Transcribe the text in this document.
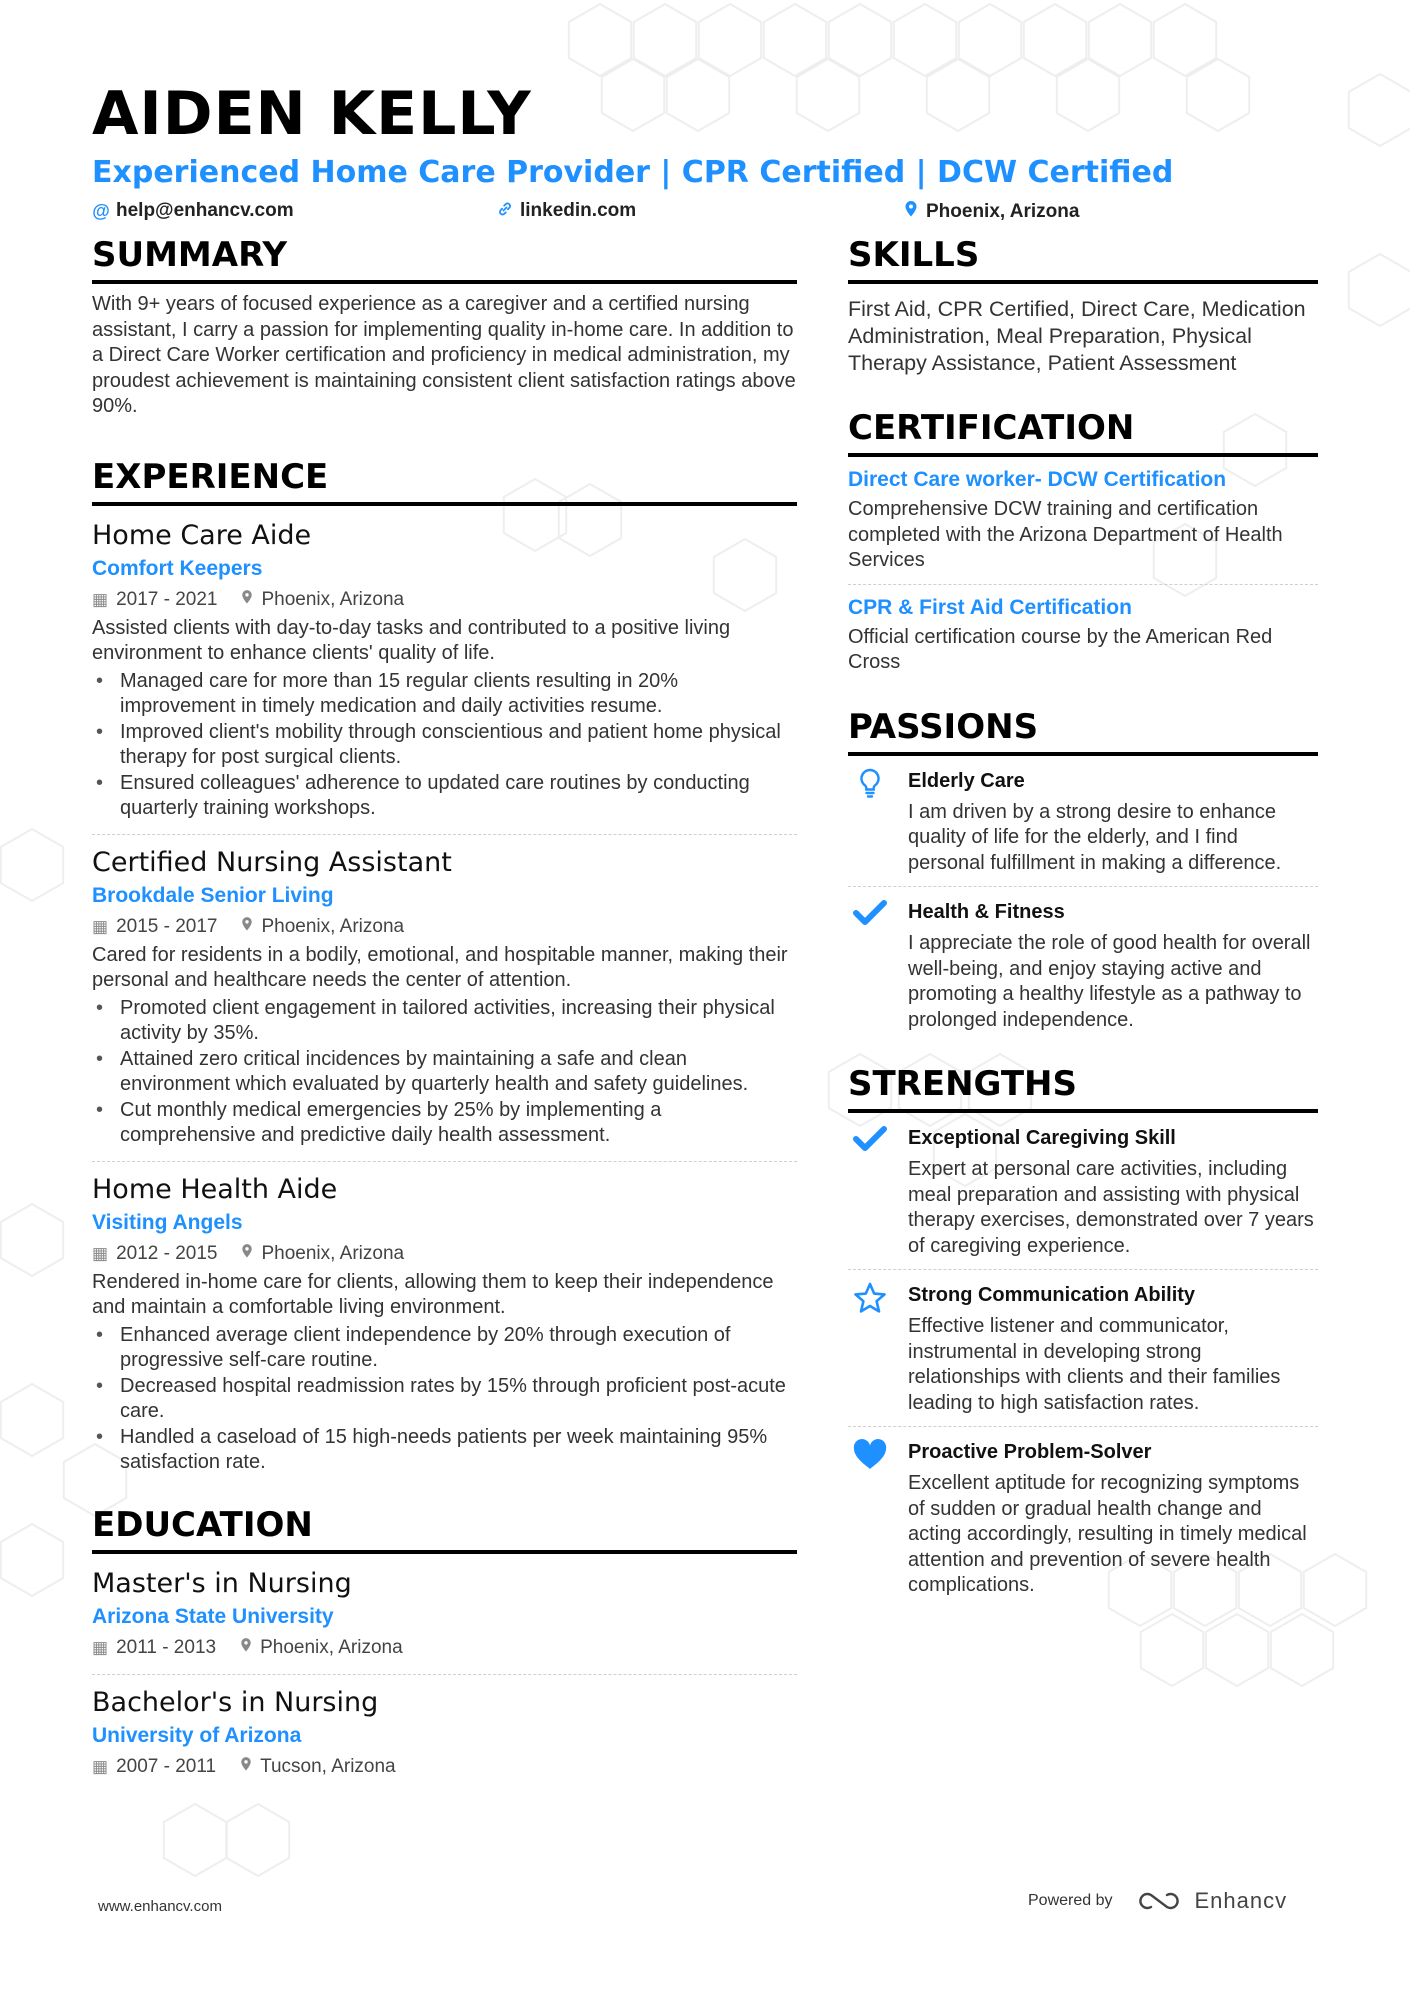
AIDEN KELLY
Experienced Home Care Provider | CPR Certified | DCW Certified
@ help@enhancv.com	linkedin.com	Phoenix, Arizona
SUMMARY
With 9+ years of focused experience as a caregiver and a certified nursing assistant, I carry a passion for implementing quality in-home care. In addition to a Direct Care Worker certification and proficiency in medical administration, my proudest achievement is maintaining consistent client satisfaction ratings above 90%.
EXPERIENCE
Home Care Aide
Comfort Keepers
▦ 2017 - 2021 Phoenix, Arizona
Assisted clients with day-to-day tasks and contributed to a positive living environment to enhance clients' quality of life.
• Managed care for more than 15 regular clients resulting in 20% improvement in timely medication and daily activities resume.
• Improved client's mobility through conscientious and patient home physical therapy for post surgical clients.
• Ensured colleagues' adherence to updated care routines by conducting quarterly training workshops.
Certified Nursing Assistant
Brookdale Senior Living
▦ 2015 - 2017 Phoenix, Arizona
Cared for residents in a bodily, emotional, and hospitable manner, making their personal and healthcare needs the center of attention.
• Promoted client engagement in tailored activities, increasing their physical activity by 35%.
• Attained zero critical incidences by maintaining a safe and clean environment which evaluated by quarterly health and safety guidelines.
• Cut monthly medical emergencies by 25% by implementing a comprehensive and predictive daily health assessment.
Home Health Aide
Visiting Angels
▦ 2012 - 2015 Phoenix, Arizona
Rendered in-home care for clients, allowing them to keep their independence and maintain a comfortable living environment.
• Enhanced average client independence by 20% through execution of progressive self-care routine.
• Decreased hospital readmission rates by 15% through proficient post-acute care.
• Handled a caseload of 15 high-needs patients per week maintaining 95% satisfaction rate.
EDUCATION
Master's in Nursing
Arizona State University
▦ 2011 - 2013 Phoenix, Arizona
Bachelor's in Nursing
University of Arizona
▦ 2007 - 2011 Tucson, Arizona
SKILLS
First Aid, CPR Certified, Direct Care, Medication Administration, Meal Preparation, Physical Therapy Assistance, Patient Assessment
CERTIFICATION
Direct Care worker- DCW Certification
Comprehensive DCW training and certification completed with the Arizona Department of Health Services
CPR & First Aid Certification
Official certification course by the American Red Cross
PASSIONS
Elderly Care
I am driven by a strong desire to enhance quality of life for the elderly, and I find personal fulfillment in making a difference.
Health & Fitness
I appreciate the role of good health for overall well-being, and enjoy staying active and promoting a healthy lifestyle as a pathway to prolonged independence.
STRENGTHS
Exceptional Caregiving Skill
Expert at personal care activities, including meal preparation and assisting with physical therapy exercises, demonstrated over 7 years of caregiving experience.
Strong Communication Ability
Effective listener and communicator, instrumental in developing strong relationships with clients and their families leading to high satisfaction rates.
Proactive Problem-Solver
Excellent aptitude for recognizing symptoms of sudden or gradual health change and acting accordingly, resulting in timely medical attention and prevention of severe health complications.
www.enhancv.com	Powered by	Enhancv
